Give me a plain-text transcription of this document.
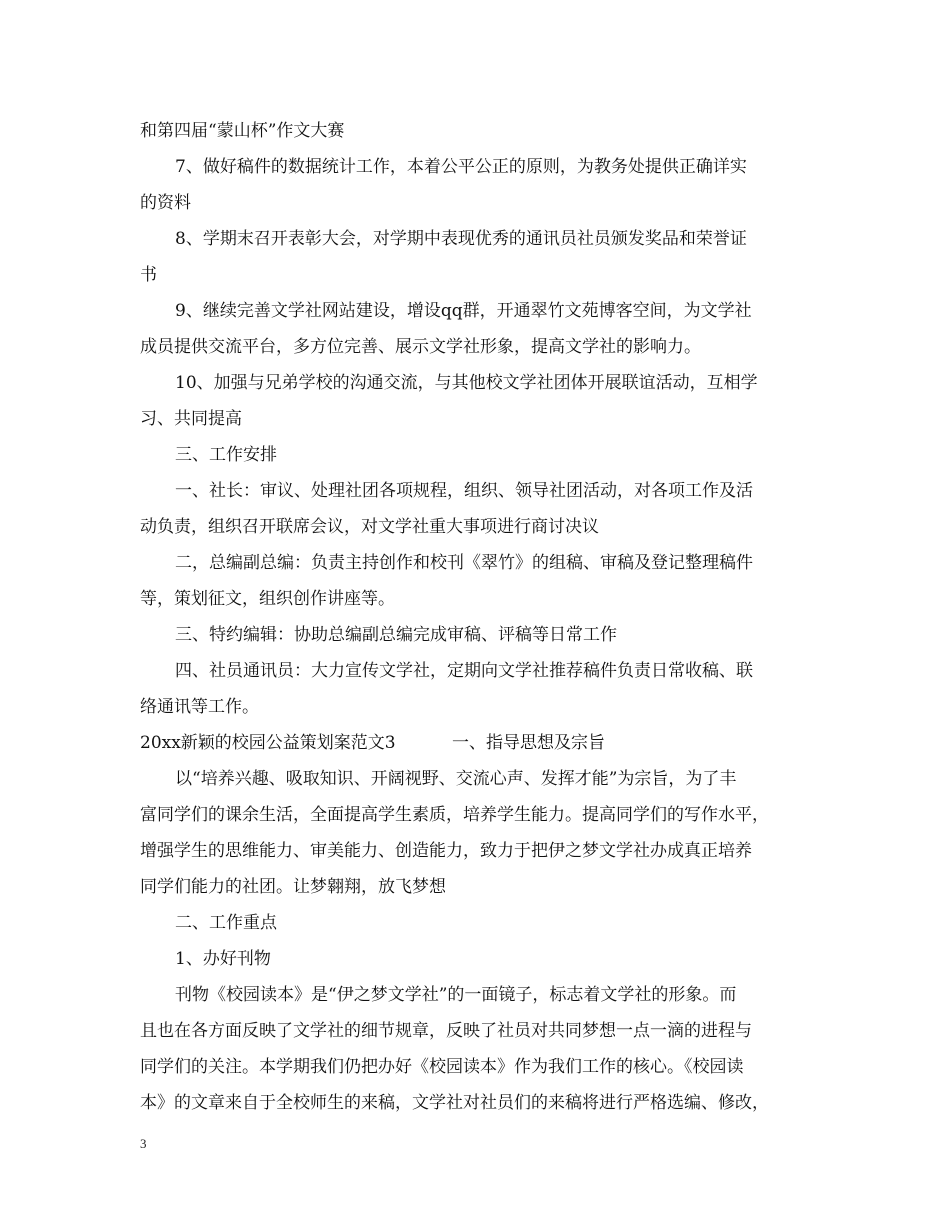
和第四届“蒙山杯”作文大赛
7、做好稿件的数据统计工作，本着公平公正的原则，为教务处提供正确详实
的资料
8、学期末召开表彰大会，对学期中表现优秀的通讯员社员颁发奖品和荣誉证
书
9、继续完善文学社网站建设，增设qq群，开通翠竹文苑博客空间，为文学社
成员提供交流平台，多方位完善、展示文学社形象，提高文学社的影响力。
10、加强与兄弟学校的沟通交流，与其他校文学社团体开展联谊活动，互相学
习、共同提高
三、工作安排
一、社长：审议、处理社团各项规程，组织、领导社团活动，对各项工作及活
动负责，组织召开联席会议，对文学社重大事项进行商讨决议
二，总编副总编：负责主持创作和校刊《翠竹》的组稿、审稿及登记整理稿件
等，策划征文，组织创作讲座等。
三、特约编辑：协助总编副总编完成审稿、评稿等日常工作
四、社员通讯员：大力宣传文学社，定期向文学社推荐稿件负责日常收稿、联
络通讯等工作。
20xx新颖的校园公益策划案范文3	一、指导思想及宗旨
以“培养兴趣、吸取知识、开阔视野、交流心声、发挥才能”为宗旨，为了丰
富同学们的课余生活，全面提高学生素质，培养学生能力。提高同学们的写作水平，
增强学生的思维能力、审美能力、创造能力，致力于把伊之梦文学社办成真正培养
同学们能力的社团。让梦翱翔，放飞梦想
二、工作重点
1、办好刊物
刊物《校园读本》是“伊之梦文学社”的一面镜子，标志着文学社的形象。而
且也在各方面反映了文学社的细节规章，反映了社员对共同梦想一点一滴的进程与
同学们的关注。本学期我们仍把办好《校园读本》作为我们工作的核心。《校园读
本》的文章来自于全校师生的来稿，文学社对社员们的来稿将进行严格选编、修改，
3
